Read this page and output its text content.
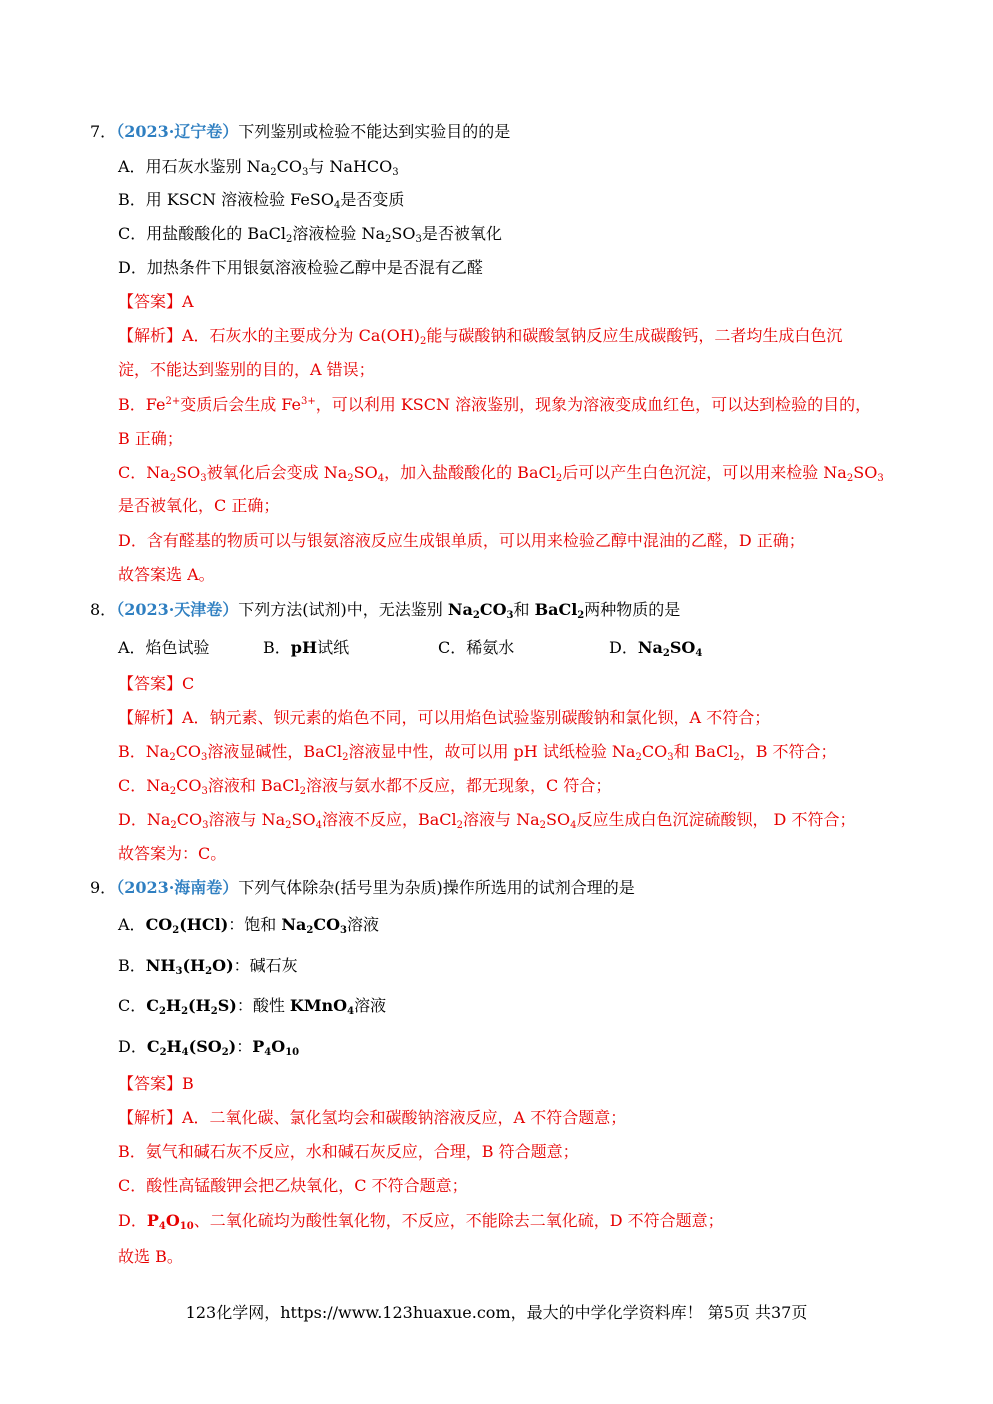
7．（2023·辽宁卷）下列鉴别或检验不能达到实验目的的是
A．用石灰水鉴别 $Na_2CO_3$与 NaHCO$_3$
B．用 KSCN 溶液检验 FeSO$_4$是否变质
C．用盐酸酸化的 BaCl$_2$溶液检验 $Na_2SO_3$是否被氧化
D．加热条件下用银氨溶液检验乙醇中是否混有乙醛
【答案】A
【解析】A．石灰水的主要成分为 $Ca(OH)_2$能与碳酸钠和碳酸氢钠反应生成碳酸钙，二者均生成白色沉
淀，不能达到鉴别的目的，A 错误；
B．$Fe^{2+}$变质后会生成 $Fe^{3+}$，可以利用 KSCN 溶液鉴别，现象为溶液变成血红色，可以达到检验的目的，
B 正确；
C．$Na_2SO_3$被氧化后会变成 $Na_2SO_4$，加入盐酸酸化的 BaCl$_2$后可以产生白色沉淀，可以用来检验 $Na_2SO_3$
是否被氧化，C 正确；
D．含有醛基的物质可以与银氨溶液反应生成银单质，可以用来检验乙醇中混油的乙醛，D 正确；
故答案选 A。
8．（2023·天津卷）下列方法(试剂)中，无法鉴别 $Na_2CO_3$和 BaCl$_2$两种物质的是
A．焰色试验	B．pH试纸	C．稀氨水	D．$Na_2SO_4$
【答案】C
【解析】A．钠元素、钡元素的焰色不同，可以用焰色试验鉴别碳酸钠和氯化钡，A 不符合；
B．$Na_2CO_3$溶液显碱性，BaCl$_2$溶液显中性，故可以用 pH 试纸检验 $Na_2CO_3$和 BaCl$_2$，B 不符合；
C．$Na_2CO_3$溶液和 BaCl$_2$溶液与氨水都不反应，都无现象，C 符合；
D．$Na_2CO_3$溶液与 $Na_2SO_4$溶液不反应，BaCl$_2$溶液与 $Na_2SO_4$反应生成白色沉淀硫酸钡， D 不符合；
故答案为：C。
9．（2023·海南卷）下列气体除杂(括号里为杂质)操作所选用的试剂合理的是
A．$CO_2(HCl)$：饱和 $Na_2CO_3$溶液
B．$NH_3(H_2O)$：碱石灰
C．$C_2H_2(H_2S)$：酸性 KMnO$_4$溶液
D．$C_2H_4(SO_2)$：$P_4O_{10}$
【答案】B
【解析】A．二氧化碳、氯化氢均会和碳酸钠溶液反应，A 不符合题意；
B．氨气和碱石灰不反应，水和碱石灰反应，合理，B 符合题意；
C．酸性高锰酸钾会把乙炔氧化，C 不符合题意；
D．$P_4O_{10}$、二氧化硫均为酸性氧化物，不反应，不能除去二氧化硫，D 不符合题意；
故选 B。
123化学网，https://www.123huaxue.com，最大的中学化学资料库！ 第5页 共37页
